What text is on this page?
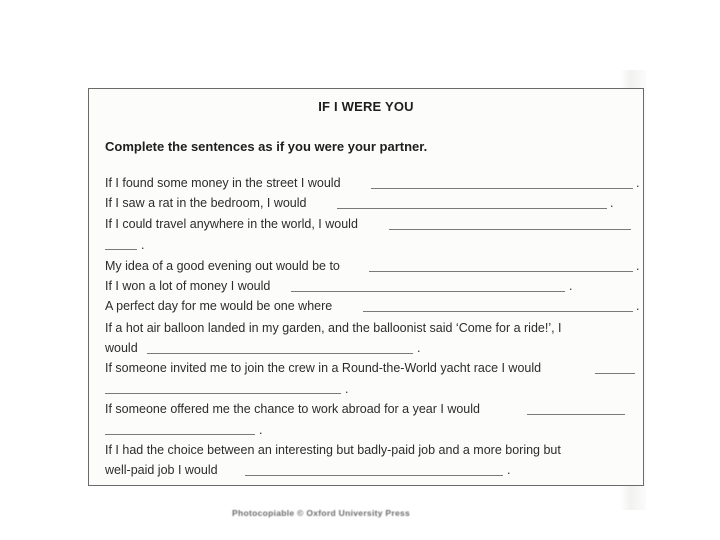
IF I WERE YOU
Complete the sentences as if you were your partner.
If I found some money in the street I would	.
If I saw a rat in the bedroom, I would	.
If I could travel anywhere in the world, I would
.
My idea of a good evening out would be to	.
If I won a lot of money I would	.
A perfect day for me would be one where	.
If a hot air balloon landed in my garden, and the balloonist said ‘Come for a ride!’, I
would	.
If someone invited me to join the crew in a Round-the-World yacht race I would
.
If someone offered me the chance to work abroad for a year I would
.
If I had the choice between an interesting but badly-paid job and a more boring but
well-paid job I would	.
Photocopiable © Oxford University Press
